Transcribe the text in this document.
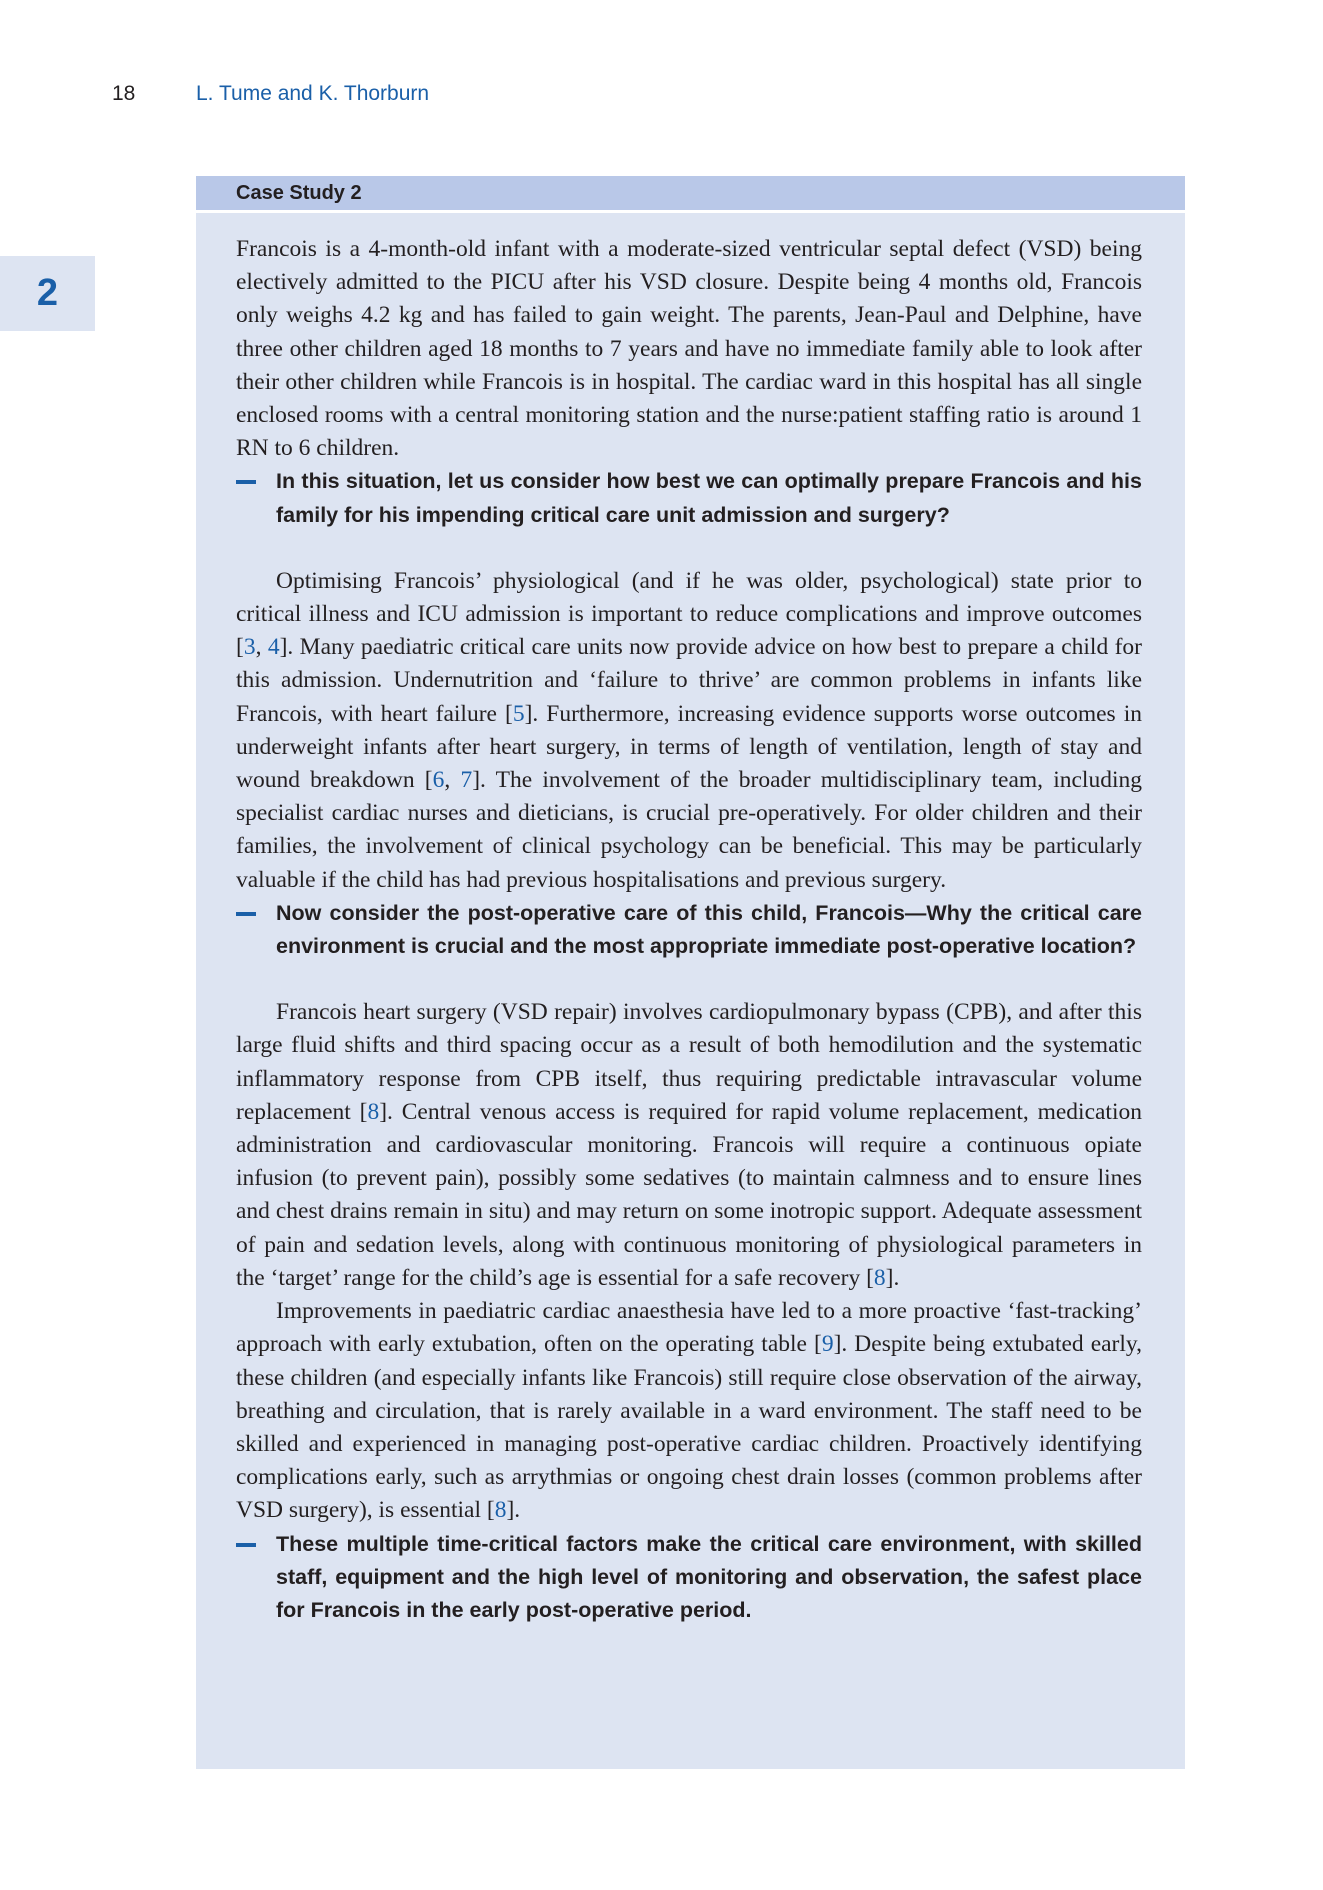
18	L. Tume and K. Thorburn
2
Case Study 2

Francois is a 4-month-old infant with a moderate-sized ventricular septal defect (VSD) being electively admitted to the PICU after his VSD closure. Despite being 4 months old, Francois only weighs 4.2 kg and has failed to gain weight. The parents, Jean-Paul and Delphine, have three other children aged 18 months to 7 years and have no immediate family able to look after their other children while Francois is in hospital. The cardiac ward in this hospital has all single enclosed rooms with a central monitoring station and the nurse:patient staffing ratio is around 1 RN to 6 children.

In this situation, let us consider how best we can optimally prepare Francois and his family for his impending critical care unit admission and surgery?

Optimising Francois’ physiological (and if he was older, psychological) state prior to critical illness and ICU admission is important to reduce complications and improve outcomes [3, 4]. Many paediatric critical care units now provide advice on how best to prepare a child for this admission. Undernutrition and ‘failure to thrive’ are common problems in infants like Francois, with heart failure [5]. Furthermore, increasing evidence supports worse outcomes in underweight infants after heart surgery, in terms of length of ventilation, length of stay and wound breakdown [6, 7]. The involvement of the broader multidisciplinary team, including specialist cardiac nurses and dieticians, is crucial pre-operatively. For older children and their families, the involvement of clinical psychology can be beneficial. This may be particularly valuable if the child has had previous hospitalisations and previous surgery.

Now consider the post-operative care of this child, Francois—Why the critical care environment is crucial and the most appropriate immediate post-operative location?

Francois heart surgery (VSD repair) involves cardiopulmonary bypass (CPB), and after this large fluid shifts and third spacing occur as a result of both hemodilution and the systematic inflammatory response from CPB itself, thus requiring predictable intravascular volume replacement [8]. Central venous access is required for rapid volume replacement, medication administration and cardiovascular monitoring. Francois will require a continuous opiate infusion (to prevent pain), possibly some sedatives (to maintain calmness and to ensure lines and chest drains remain in situ) and may return on some inotropic support. Adequate assessment of pain and sedation levels, along with continuous monitoring of physiological parameters in the ‘target’ range for the child’s age is essential for a safe recovery [8].

Improvements in paediatric cardiac anaesthesia have led to a more proactive ‘fast-tracking’ approach with early extubation, often on the operating table [9]. Despite being extubated early, these children (and especially infants like Francois) still require close observation of the airway, breathing and circulation, that is rarely available in a ward environment. The staff need to be skilled and experienced in managing post-operative cardiac children. Proactively identifying complications early, such as arrythmias or ongoing chest drain losses (common problems after VSD surgery), is essential [8].

These multiple time-critical factors make the critical care environment, with skilled staff, equipment and the high level of monitoring and observation, the safest place for Francois in the early post-operative period.
